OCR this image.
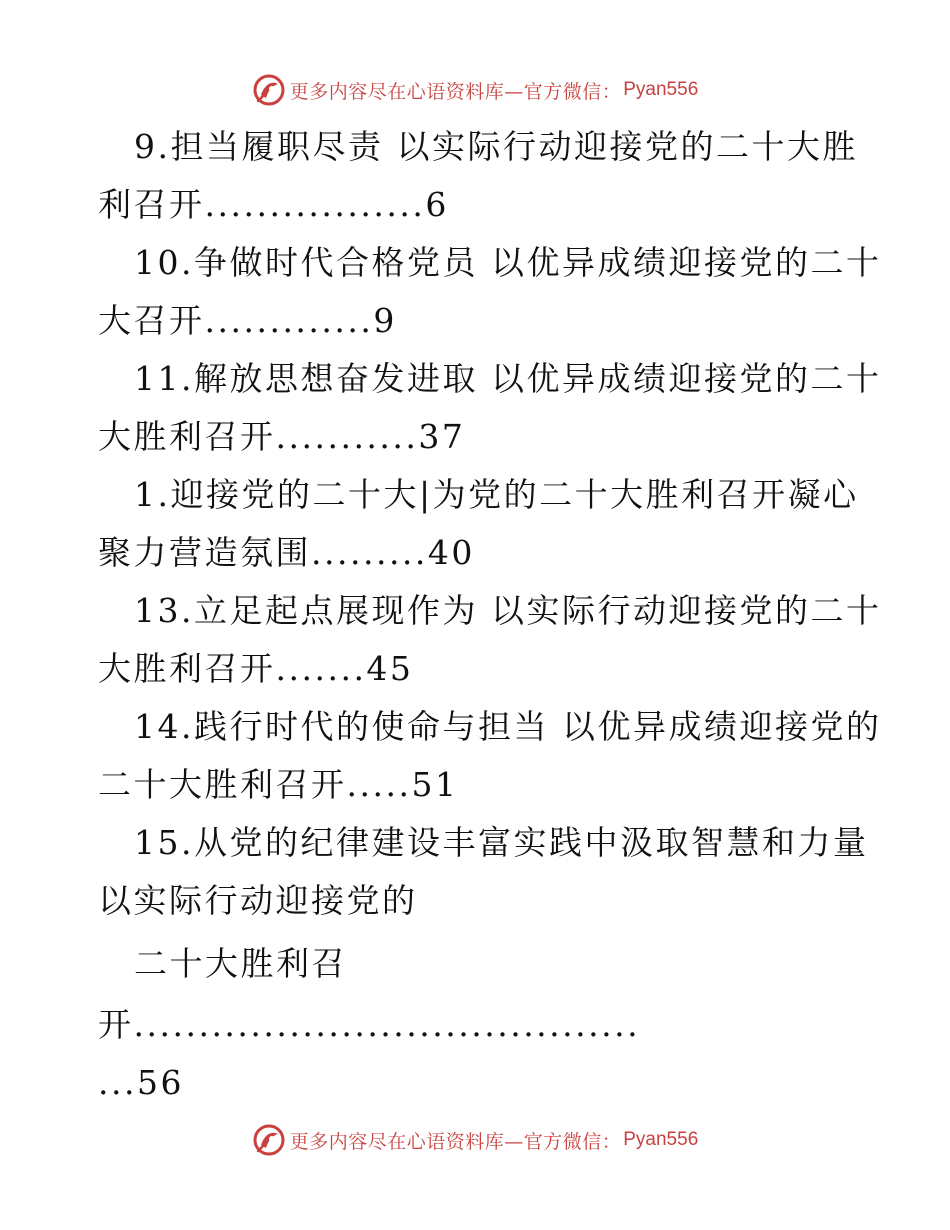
更多内容尽在心语资料库—官方微信： Pyan556
9.担当履职尽责 以实际行动迎接党的二十大胜
利召开.................6
10.争做时代合格党员 以优异成绩迎接党的二十
大召开.............9
11.解放思想奋发进取 以优异成绩迎接党的二十
大胜利召开...........37
1.迎接党的二十大|为党的二十大胜利召开凝心
聚力营造氛围.........40
13.立足起点展现作为 以实际行动迎接党的二十
大胜利召开.......45
14.践行时代的使命与担当 以优异成绩迎接党的
二十大胜利召开.....51
15.从党的纪律建设丰富实践中汲取智慧和力量
以实际行动迎接党的
二十大胜利召
开.......................................
...56
更多内容尽在心语资料库—官方微信： Pyan556
